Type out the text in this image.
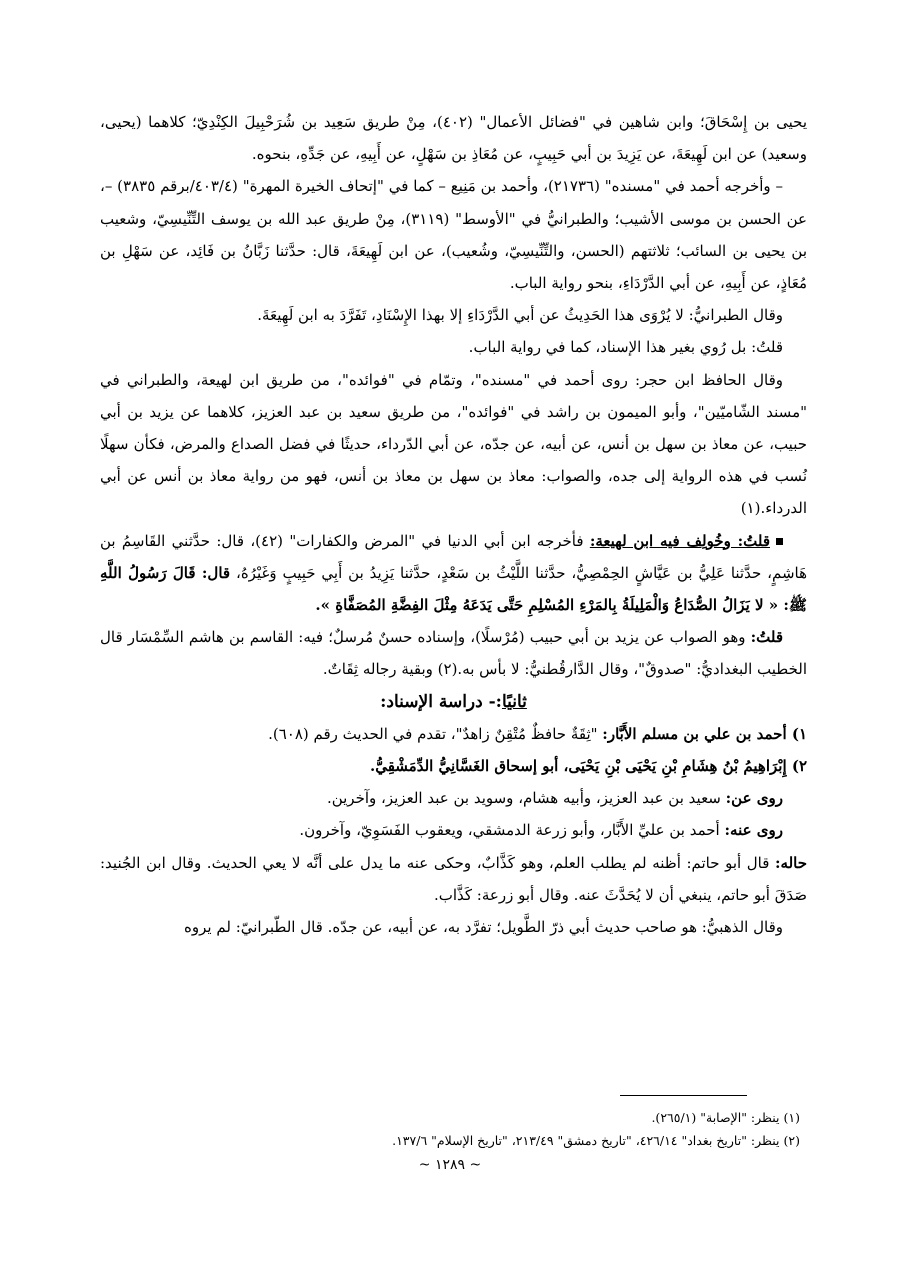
يحيى بن إِسْحَاقَ؛ وابن شاهين في "فضائل الأعمال" (٤٠٢)، مِنْ طريق سَعِيد بن شُرَحْبِيلَ الكِنْدِيّ؛ كلاهما (يحيى، وسعيد) عن ابن لَهِيعَةَ، عن يَزِيدَ بن أبي حَبِيبٍ، عن مُعَاذِ بن سَهْلٍ، عن أَبِيهِ، عن جَدِّهِ، بنحوه.

– وأخرجه أحمد في "مسنده" (٢١٧٣٦)، وأحمد بن مَنِيع – كما في "إتحاف الخيرة المهرة" (٤٠٣/٤/برقم ٣٨٣٥) –، عن الحسن بن موسى الأشيب؛ والطبرانيُّ في "الأوسط" (٣١١٩)، مِنْ طريق عبد الله بن يوسف التِّنِّيسِيّ، وشعيب بن يحيى بن السائب؛ ثلاثتهم (الحسن، والتِّنِّيسِيّ، وشُعيب)، عن ابن لَهِيعَةَ، قال: حدَّثنا زَبَّانُ بن فَائِد، عن سَهْلِ بن مُعَاذٍ، عن أَبِيهِ، عن أبي الدَّرْدَاءِ، بنحو رواية الباب.

وقال الطبرانيُّ: لا يُرْوَى هذا الحَدِيثُ عن أبي الدَّرْدَاءِ إلا بهذا الإِسْنَادِ، تَفَرَّدَ به ابن لَهِيعَةَ.

قلتُ: بل رُوي بغير هذا الإسناد، كما في رواية الباب.

وقال الحافظ ابن حجر: روى أحمد في "مسنده"، وتمّام في "فوائده"، من طريق ابن لهيعة، والطبراني في "مسند الشّاميّين"، وأبو الميمون بن راشد في "فوائده"، من طريق سعيد بن عبد العزيز، كلاهما عن يزيد بن أبي حبيب، عن معاذ بن سهل بن أنس، عن أبيه، عن جدّه، عن أبي الدّرداء، حديثًا في فضل الصداع والمرض، فكأن سهلًا نُسب في هذه الرواية إلى جده، والصواب: معاذ بن سهل بن معاذ بن أنس، فهو من رواية معاذ بن أنس عن أبي الدرداء.(١)

قلتُ: وخُولِف فيه ابن لهيعة: فأخرجه ابن أبي الدنيا في "المرض والكفارات" (٤٢)، قال: حدَّثني القَاسِمُ بن هَاشِمٍ، حدَّثنا عَلِيُّ بن عَيَّاشٍ الحِمْصِيُّ، حدَّثنا اللَّيْثُ بن سَعْدٍ، حدَّثنا يَزِيدُ بن أَبِي حَبِيبٍ وَغَيْرُهُ، قال: قَالَ رَسُولُ اللَّهِ ﷺ: « لا يَزَالُ الصُّدَاعُ وَالْمَلِيلَةُ بِالمَرْءِ المُسْلِمِ حَتَّى يَدَعَهُ مِثْلَ الفِضَّةِ المُصَفَّاةِ ».

قلتُ: وهو الصواب عن يزيد بن أبي حبيب (مُرْسلًا)، وإسناده حسنٌ مُرسلٌ؛ فيه: القاسم بن هاشم السِّمْسَار قال الخطيب البغداديُّ: "صدوقٌ"، وقال الدَّارقُطنيُّ: لا بأس به.(٢) وبقية رجاله ثِقَاتٌ.

ثانيًا:- دراسة الإسناد:

١) أحمد بن علي بن مسلم الأَبَّار: "ثِقَةٌ حافظٌ مُتْقِنٌ زاهدٌ"، تقدم في الحديث رقم (٦٠٨).

٢) إِبْرَاهِيمُ بْنُ هِشَامِ بْنِ يَحْيَى بْنِ يَحْيَى، أبو إسحاق الغَسَّانِيُّ الدِّمَشْقِيُّ.

روى عن: سعيد بن عبد العزيز، وأبيه هشام، وسويد بن عبد العزيز، وآخرين.

روى عنه: أحمد بن عليِّ الأَبَّار، وأبو زرعة الدمشقي، ويعقوب الفَسَوِيّ، وآخرون.

حاله: قال أبو حاتم: أظنه لم يطلب العلم، وهو كَذَّابٌ، وحكى عنه ما يدل على أنَّه لا يعي الحديث. وقال ابن الجُنيد: صَدَقَ أبو حاتم، ينبغي أن لا يُحَدَّثَ عنه. وقال أبو زرعة: كَذَّاب.

وقال الذهبيُّ: هو صاحب حديث أبي ذرّ الطَّويل؛ تفرَّد به، عن أبيه، عن جدّه. قال الطّبرانيّ: لم يروه

(١) ينظر: "الإصابة" (٢٦٥/١).

(٢) ينظر: "تاريخ بغداد" ٤٢٦/١٤، "تاريخ دمشق" ٢١٣/٤٩، "تاريخ الإسلام" ١٣٧/٦.

~ ١٢٨٩ ~
